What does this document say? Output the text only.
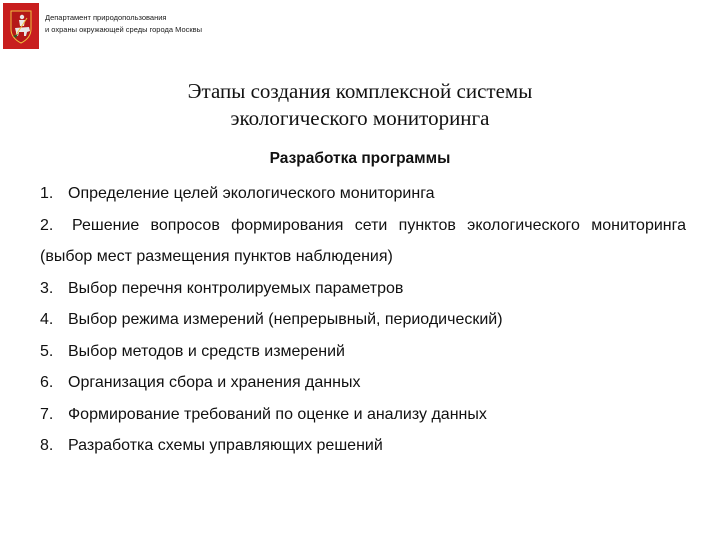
Департамент природопользования
и охраны окружающей среды города Москвы
Этапы создания комплексной системы
экологического мониторинга
Разработка программы
1. Определение целей экологического мониторинга
2. Решение вопросов формирования сети пунктов экологического мониторинга (выбор мест размещения пунктов наблюдения)
3. Выбор перечня контролируемых параметров
4. Выбор режима измерений (непрерывный, периодический)
5. Выбор методов и средств измерений
6. Организация сбора и хранения данных
7. Формирование требований по оценке и анализу данных
8. Разработка схемы управляющих решений
